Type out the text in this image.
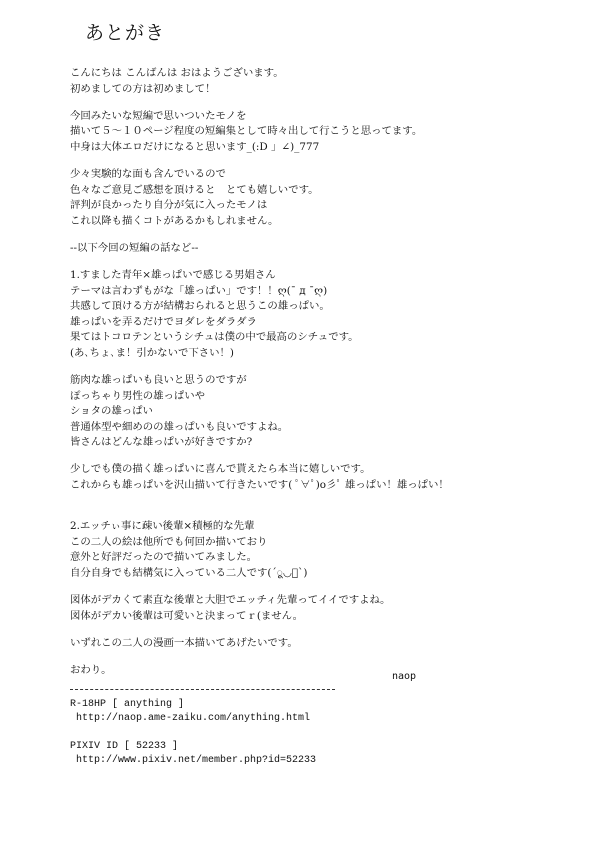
あとがき
こんにちは こんばんは おはようございます。
初めましての方は初めまして！
今回みたいな短編で思いついたモノを
描いて５～１０ページ程度の短編集として時々出して行こうと思ってます。
中身は大体エロだけになると思います_(:D 」∠)_777
少々実験的な面も含んでいるので
色々なご意見ご感想を頂けると　とても嬉しいです。
評判が良かったり自分が気に入ったモノは
これ以降も描くコトがあるかもしれません。
--以下今回の短編の話など--
1.すました青年×雄っぱいで感じる男娼さん
テーマは言わずもがな「雄っぱい」です！！ღ(¯ д ¯ღ)
共感して頂ける方が結構おられると思うこの雄っぱい。
雄っぱいを弄るだけでヨダレをダラダラ
果てはトコロテンというシチュは僕の中で最高のシチュです。
(あ､ちょ､ま！引かないで下さい！)
筋肉な雄っぱいも良いと思うのですが
ぽっちゃり男性の雄っぱいや
ショタの雄っぱい
普通体型や細めのの雄っぱいも良いですよね。
皆さんはどんな雄っぱいが好きですか?
少しでも僕の描く雄っぱいに喜んで貰えたら本当に嬉しいです。
これからも雄っぱいを沢山描いて行きたいです( ﾟ∀ﾟ)o彡ﾟ 雄っぱい！雄っぱい！
2.エッチぃ事に疎い後輩×積極的な先輩
この二人の絵は他所でも何回か描いており
意外と好評だったので描いてみました。
自分自身でも結構気に入っている二人です(´ू◡ू`)
図体がデカくて素直な後輩と大胆でエッチィ先輩ってイイですよね。
図体がデカい後輩は可愛いと決まってｒ(ません。
いずれこの二人の漫画一本描いてあげたいです。
おわり。
naop
R-18HP [ anything ]
http://naop.ame-zaiku.com/anything.html
PIXIV ID [ 52233 ]
http://www.pixiv.net/member.php?id=52233
